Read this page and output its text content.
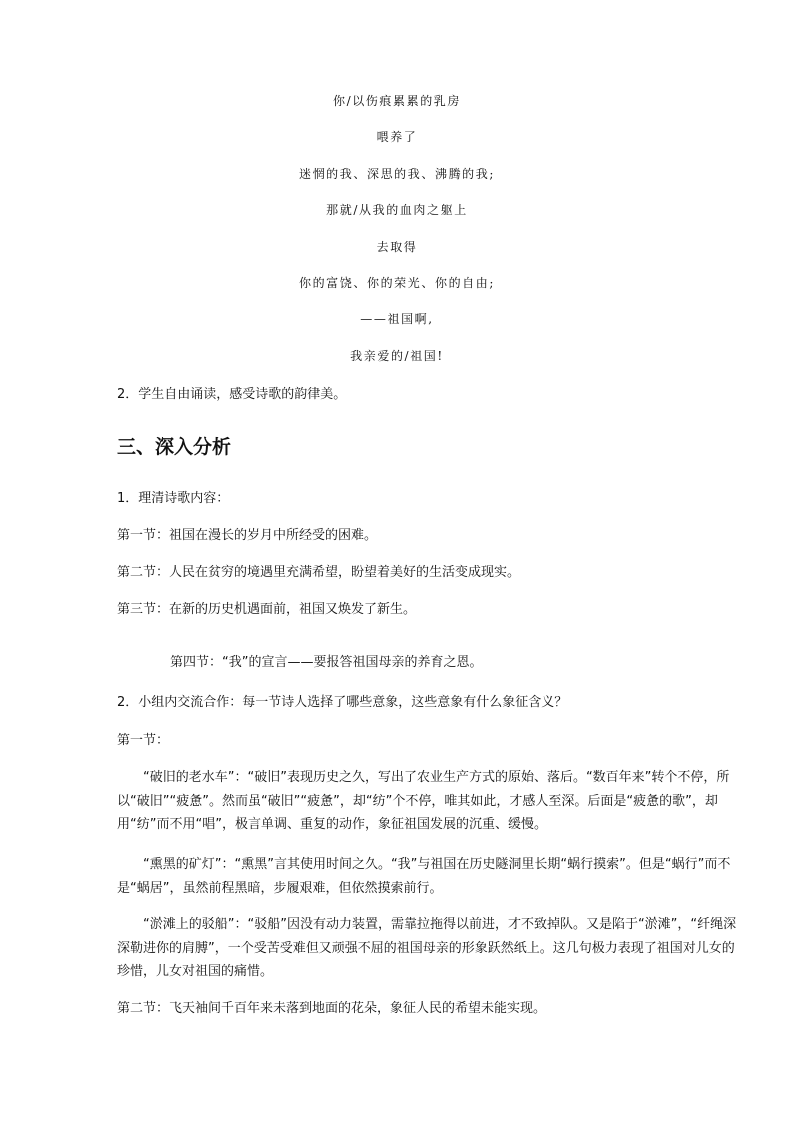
你/以伤痕累累的乳房
喂养了
迷惘的我、深思的我、沸腾的我;
那就/从我的血肉之躯上
去取得
你的富饶、你的荣光、你的自由;
——祖国啊,
我亲爱的/祖国!
2．学生自由诵读，感受诗歌的韵律美。
三、深入分析
1．理清诗歌内容：
第一节：祖国在漫长的岁月中所经受的困难。
第二节：人民在贫穷的境遇里充满希望，盼望着美好的生活变成现实。
第三节：在新的历史机遇面前，祖国又焕发了新生。
第四节：“我”的宣言——要报答祖国母亲的养育之恩。
2．小组内交流合作：每一节诗人选择了哪些意象，这些意象有什么象征含义？
第一节：
“破旧的老水车”：“破旧”表现历史之久，写出了农业生产方式的原始、落后。“数百年来”转个不停，所以“破旧”“疲惫”。然而虽“破旧”“疲惫”，却“纺”个不停，唯其如此，才感人至深。后面是“疲惫的歌”，却用“纺”而不用“唱”，极言单调、重复的动作，象征祖国发展的沉重、缓慢。
“熏黑的矿灯”：“熏黑”言其使用时间之久。“我”与祖国在历史隧洞里长期“蜗行摸索”。但是“蜗行”而不是“蜗居”，虽然前程黑暗，步履艰难，但依然摸索前行。
“淤滩上的驳船”：“驳船”因没有动力装置，需靠拉拖得以前进，才不致掉队。又是陷于“淤滩”，“纤绳深深勒进你的肩膊”，一个受苦受难但又顽强不屈的祖国母亲的形象跃然纸上。这几句极力表现了祖国对儿女的珍惜，儿女对祖国的痛惜。
第二节：飞天袖间千百年来未落到地面的花朵，象征人民的希望未能实现。
